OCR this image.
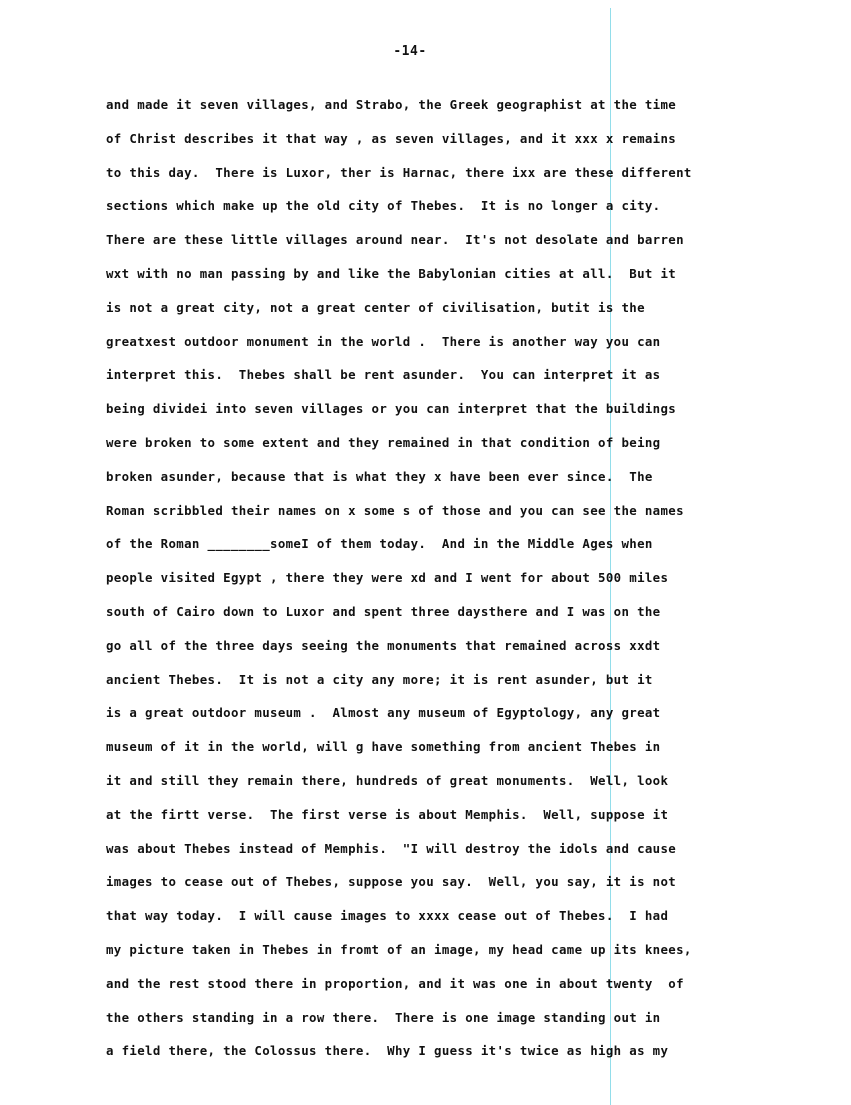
-14-
and made it seven villages, and Strabo, the Greek geographist at the time
of Christ describes it that way , as seven villages, and it xxx x remains
to this day.  There is Luxor, ther is Harnac, there ixx are these different
sections which make up the old city of Thebes.  It is no longer a city.
There are these little villages around near.  It's not desolate and barren
wxt with no man passing by and like the Babylonian cities at all.  But it
is not a great city, not a great center of civilisation, butit is the
greatxest outdoor monument in the world .  There is another way you can
interpret this.  Thebes shall be rent asunder.  You can interpret it as
being dividei into seven villages or you can interpret that the buildings
were broken to some extent and they remained in that condition of being
broken asunder, because that is what they x have been ever since.  The
Roman scribbled their names on x some s of those and you can see the names
of the Roman ________someI of them today.  And in the Middle Ages when
people visited Egypt , there they were xd and I went for about 500 miles
south of Cairo down to Luxor and spent three daysthere and I was on the
go all of the three days seeing the monuments that remained across xxdt
ancient Thebes.  It is not a city any more; it is rent asunder, but it
is a great outdoor museum .  Almost any museum of Egyptology, any great
museum of it in the world, will g have something from ancient Thebes in
it and still they remain there, hundreds of great monuments.  Well, look
at the firtt verse.  The first verse is about Memphis.  Well, suppose it
was about Thebes instead of Memphis.  "I will destroy the idols and cause
images to cease out of Thebes, suppose you say.  Well, you say, it is not
that way today.  I will cause images to xxxx cease out of Thebes.  I had
my picture taken in Thebes in fromt of an image, my head came up its knees,
and the rest stood there in proportion, and it was one in about twenty  of
the others standing in a row there.  There is one image standing out in
a field there, the Colossus there.  Why I guess it's twice as high as my
